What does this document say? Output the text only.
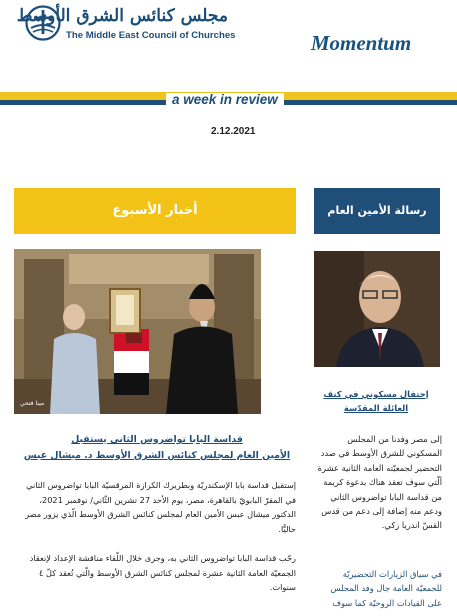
مجلس كنائس الشرق الأوسط
The Middle East Council of Churches	Momentum
a week in review
2.12.2021
أخبار الأسبوع	رسالة الأمين العام
مينا فتحي
قداسة البابا تواضروس الثاني يستقبل
الأمين العام لمجلس كنائس الشرق الأوسط د. ميشال عبس
إستقبل قداسة بابا الإسكندريّة وبطريرك الكرازة المرقسيّة البابا تواضروس الثاني في المقرّ البابويّ بالقاهرة، مصر، يوم الأحد 27 تشرين الثّاني/ نوفمبر 2021، الدكتور ميشال عبس الأمين العام لمجلس كنائس الشرق الأوسط الّذي يزور مصر حاليًّا.
رحّب قداسة البابا تواضروس الثاني به، وجرى خلال اللّقاء مناقشة الإعداد لإنعقاد الجمعيّة العامة الثانية عشرة لمجلس كنائس الشرق الأوسط والّتي تُعقد كلّ ٤ سنوات.
إحتفال مسكوني في كنف
العائلة المقدّسة
إلى مصر وفدنا من المجلس المسكوني للشرق الأوسط في صدد التحضير لجمعيّته العامة الثانية عشرة ألّتي سوف تعقد هناك بدعوة كريمة من قداسة البابا تواضروس الثاني ودعم منه إضافة إلى دعم من قدس القسّ اندريا زكي.
في سياق الزيارات التحضيريّة للجمعيّة العامة جال وفد المجلس على القيادات الروحيّة كما سوف
